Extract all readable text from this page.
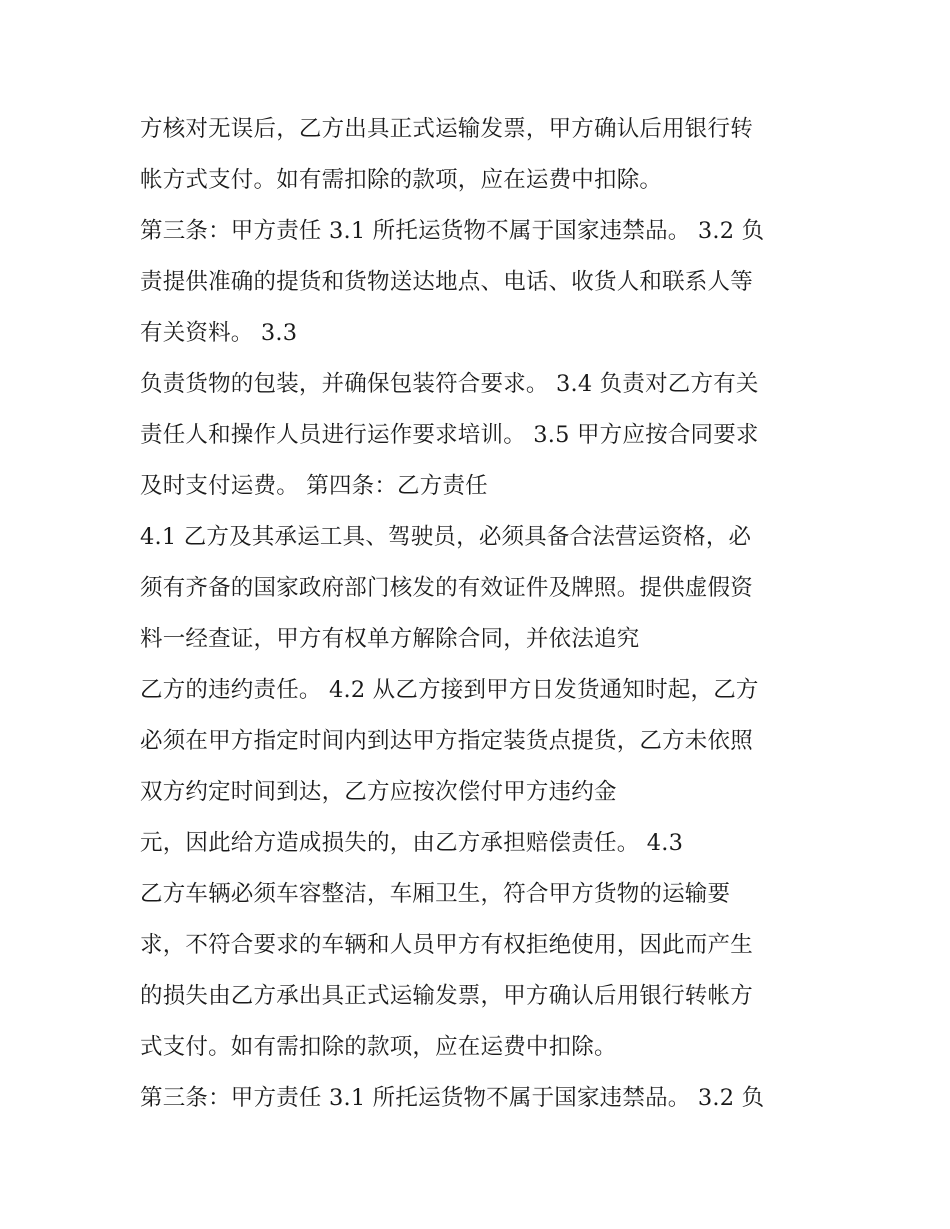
方核对无误后，乙方出具正式运输发票，甲方确认后用银行转
帐方式支付。如有需扣除的款项，应在运费中扣除。
第三条：甲方责任 3.1 所托运货物不属于国家违禁品。 3.2 负
责提供准确的提货和货物送达地点、电话、收货人和联系人等
有关资料。 3.3
负责货物的包装，并确保包装符合要求。 3.4 负责对乙方有关
责任人和操作人员进行运作要求培训。 3.5 甲方应按合同要求
及时支付运费。 第四条：乙方责任
4.1 乙方及其承运工具、驾驶员，必须具备合法营运资格，必
须有齐备的国家政府部门核发的有效证件及牌照。提供虚假资
料一经查证，甲方有权单方解除合同，并依法追究
乙方的违约责任。 4.2 从乙方接到甲方日发货通知时起，乙方
必须在甲方指定时间内到达甲方指定装货点提货，乙方未依照
双方约定时间到达，乙方应按次偿付甲方违约金
元，因此给方造成损失的，由乙方承担赔偿责任。 4.3
乙方车辆必须车容整洁，车厢卫生，符合甲方货物的运输要
求，不符合要求的车辆和人员甲方有权拒绝使用，因此而产生
的损失由乙方承出具正式运输发票，甲方确认后用银行转帐方
式支付。如有需扣除的款项，应在运费中扣除。
第三条：甲方责任 3.1 所托运货物不属于国家违禁品。 3.2 负
